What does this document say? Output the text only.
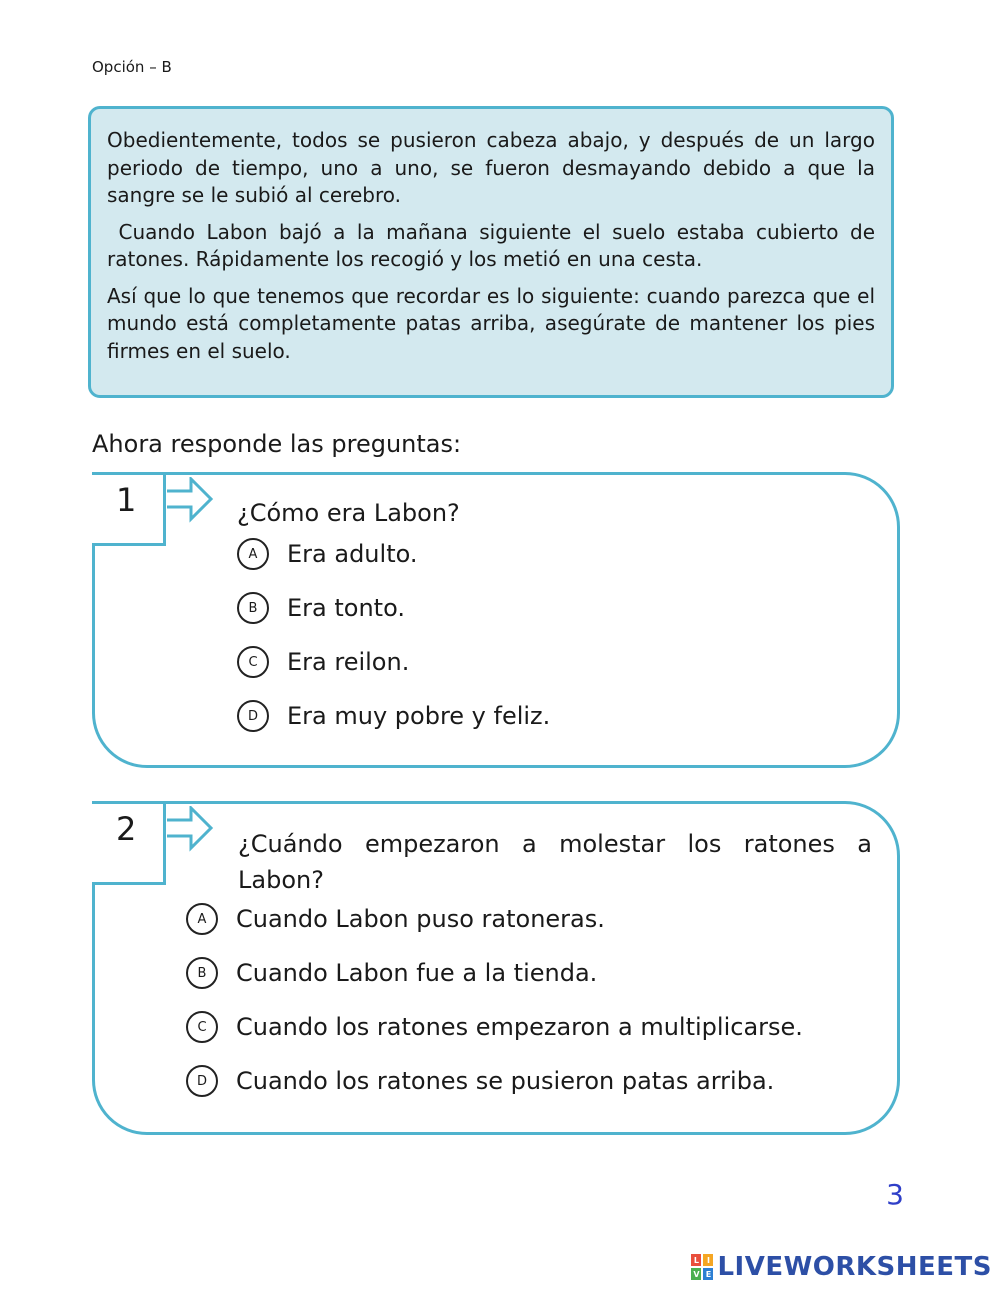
Opción – B

Obedientemente, todos se pusieron cabeza abajo, y después de un largo periodo de tiempo, uno a uno, se fueron desmayando debido a que la sangre se le subió al cerebro.

Cuando Labon bajó a la mañana siguiente el suelo estaba cubierto de ratones. Rápidamente los recogió y los metió en una cesta.

Así que lo que tenemos que recordar es lo siguiente: cuando parezca que el mundo está completamente patas arriba, asegúrate de mantener los pies firmes en el suelo.

Ahora responde las preguntas:
1	¿Cómo era Labon?
A	Era adulto.
B	Era tonto.
C	Era reilon.
D	Era muy pobre y feliz.
2	¿Cuándo empezaron a molestar los ratones a Labon?
A	Cuando Labon puso ratoneras.
B	Cuando Labon fue a la tienda.
C	Cuando los ratones empezaron a multiplicarse.
D	Cuando los ratones se pusieron patas arriba.
3
L I
V E LIVEWORKSHEETS
